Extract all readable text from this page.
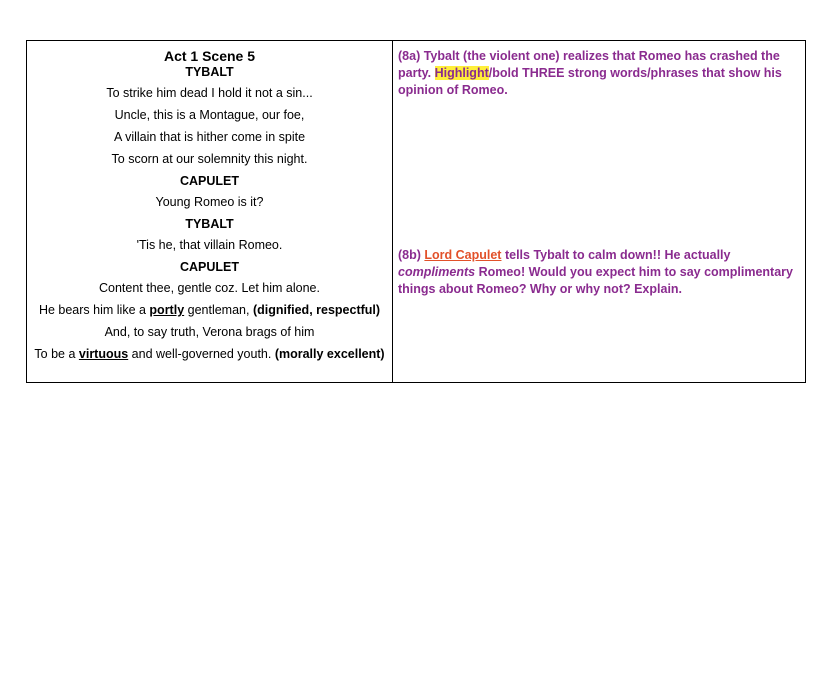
Act 1 Scene 5

TYBALT

To strike him dead I hold it not a sin...

Uncle, this is a Montague, our foe,

A villain that is hither come in spite

To scorn at our solemnity this night.

CAPULET

Young Romeo is it?

TYBALT

'Tis he, that villain Romeo.

CAPULET

Content thee, gentle coz. Let him alone.

He bears him like a portly gentleman, (dignified, respectful)

And, to say truth, Verona brags of him

To be a virtuous and well-governed youth. (morally excellent)

(8a) Tybalt (the violent one) realizes that Romeo has crashed the party. Highlight/bold THREE strong words/phrases that show his opinion of Romeo.

(8b) Lord Capulet tells Tybalt to calm down!! He actually compliments Romeo! Would you expect him to say complimentary things about Romeo? Why or why not? Explain.
